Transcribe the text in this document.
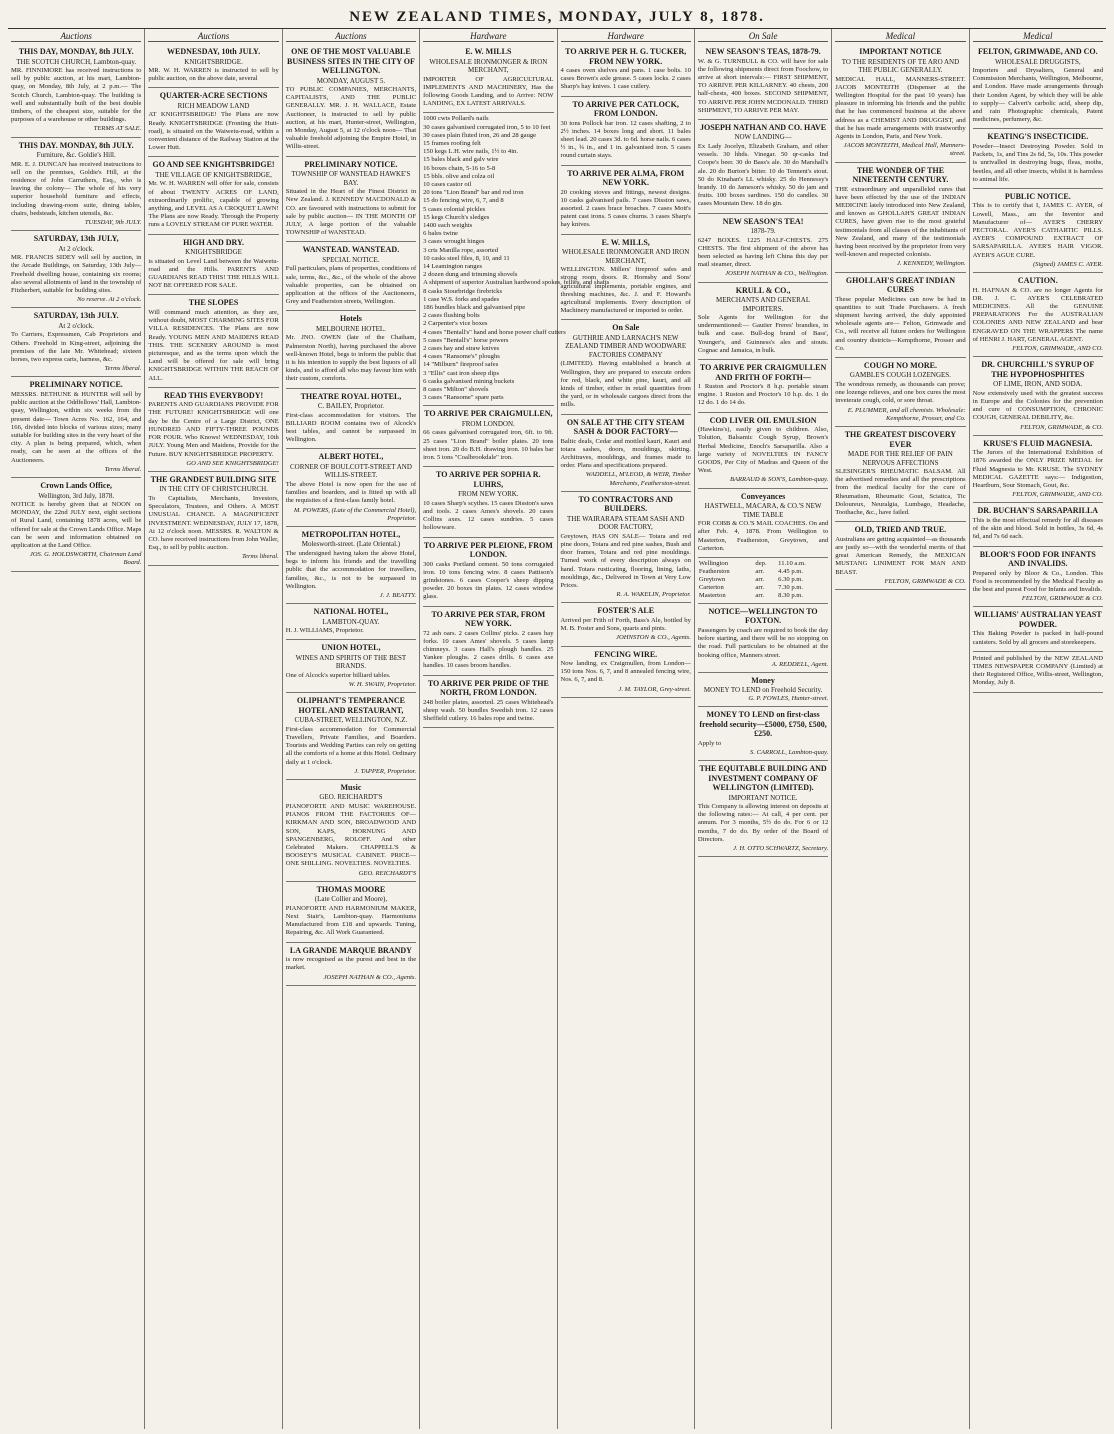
NEW ZEALAND TIMES, MONDAY, JULY 8, 1878.
Auctions
THIS DAY, MONDAY, 8th JULY.
THE SCOTCH CHURCH, Lambton-quay.
MR. FINNIMORE has received instructions to sell by public auction, at his mart, Lambton-quay, on Monday, 8th July, at 2 p.m.— The Scotch Church, Lambton-quay. The building is well and substantially built of the best double timbers, of the cheapest size, suitable for the purposes of a warehouse or other buildings.
TERMS AT SALE.
THIS DAY. MONDAY, 8th JULY.
Furniture, &c. Goldie's Hill.
MR. E. J. DUNCAN has received instructions to sell on the premises, Goldie's Hill, at the residence of John Carruthers, Esq., who is leaving the colony— The whole of his very superior household furniture and effects, including drawing-room suite, dining tables, chairs, bedsteads, kitchen utensils, &c.
TUESDAY, 9th JULY.
SATURDAY, 13th JULY,
At 2 o'clock.
MR. FRANCIS SIDEY will sell by auction, in the Arcade Buildings, on Saturday, 13th July— Freehold dwelling house, containing six rooms; also several allotments of land in the township of Fitzherbert, suitable for building sites.
No reserve. At 2 o'clock.
SATURDAY, 13th JULY.
At 2 o'clock.
To Carriers, Expressmen, Cab Proprietors and Others. Freehold in King-street, adjoining the premises of the late Mr. Whitehead; sixteen horses, two express carts, harness, &c.
Terms liberal.
PRELIMINARY NOTICE.
MESSRS. BETHUNE & HUNTER will sell by public auction at the Oddfellows' Hall, Lambton-quay, Wellington, within six weeks from the present date— Town Acres No. 162, 164, and 166, divided into blocks of various sizes; many suitable for building sites in the very heart of the city. A plan is being prepared, which, when ready, can be seen at the offices of the Auctioneers.
Terms liberal.
Crown Lands Office,
Wellington, 3rd July, 1878.
NOTICE is hereby given that at NOON on MONDAY, the 22nd JULY next, eight sections of Rural Land, containing 1878 acres, will be offered for sale at the Crown Lands Office. Maps can be seen and information obtained on application at the Land Office.
JOS. G. HOLDSWORTH, Chairman Land Board.
Auctions
WEDNESDAY, 10th JULY.
KNIGHTSBRIDGE.
MR. W. H. WARREN is instructed to sell by public auction, on the above date, several
QUARTER-ACRE SECTIONS
RICH MEADOW LAND
AT KNIGHTSBRIDGE! The Plans are now Ready. KNIGHTSBRIDGE (Fronting the Hutt-road), is situated on the Waiwetu-road, within a convenient distance of the Railway Station at the Lower Hutt.
GO AND SEE KNIGHTSBRIDGE!
THE VILLAGE OF KNIGHTSBRIDGE,
Mr. W. H. WARREN will offer for sale, consists of about TWENTY ACRES OF LAND, extraordinarily prolific, capable of growing anything, and LEVEL AS A CROQUET LAWN! The Plans are now Ready. Through the Property runs a LOVELY STREAM OF PURE WATER.
HIGH AND DRY.
KNIGHTSBRIDGE
is situated on Level Land between the Waiwetu-road and the Hills. PARENTS AND GUARDIANS READ THIS! THE HILLS WILL NOT BE OFFERED FOR SALE.
THE SLOPES
Will command much attention, as they are, without doubt, MOST CHARMING SITES FOR VILLA RESIDENCES. The Plans are now Ready. YOUNG MEN AND MAIDENS READ THIS. THE SCENERY AROUND is most picturesque, and as the terms upon which the Land will be offered for sale will bring KNIGHTSBRIDGE WITHIN THE REACH OF ALL.
READ THIS EVERYBODY!
PARENTS AND GUARDIANS PROVIDE FOR THE FUTURE! KNIGHTSBRIDGE will one day be the Centre of a Large District, ONE HUNDRED AND FIFTY-THREE POUNDS FOR FOUR. Who Knows! WEDNESDAY, 10th JULY. Young Men and Maidens, Provide for the Future. BUY KNIGHTSBRIDGE PROPERTY.
GO AND SEE KNIGHTSBRIDGE!
THE GRANDEST BUILDING SITE
IN THE CITY OF CHRISTCHURCH.
To Capitalists, Merchants, Investors, Speculators, Trustees, and Others. A MOST UNUSUAL CHANCE. A MAGNIFICENT INVESTMENT. WEDNESDAY, JULY 17, 1878, At 12 o'clock noon. MESSRS. R. WALTON & CO. have received instructions from John Waller, Esq., to sell by public auction.
Terms liberal.
Auctions
ONE OF THE MOST VALUABLE BUSINESS SITES IN THE CITY OF WELLINGTON.
MONDAY, AUGUST 5.
TO PUBLIC COMPANIES, MERCHANTS, CAPITALISTS, AND THE PUBLIC GENERALLY. MR. J. H. WALLACE, Estate Auctioneer, is instructed to sell by public auction, at his mart, Hunter-street, Wellington, on Monday, August 5, at 12 o'clock noon— That valuable freehold adjoining the Empire Hotel, in Willis-street.
PRELIMINARY NOTICE.
TOWNSHIP OF WANSTEAD HAWKE'S BAY.
Situated in the Heart of the Finest District in New Zealand. J. KENNEDY MACDONALD & CO. are favoured with instructions to submit for sale by public auction— IN THE MONTH OF JULY, A large portion of the valuable TOWNSHIP of WANSTEAD.
WANSTEAD. WANSTEAD.
SPECIAL NOTICE.
Full particulars, plans of properties, conditions of sale, terms, &c., &c., of the whole of the above valuable properties, can be obtained on application at the offices of the Auctioneers, Grey and Featherston streets, Wellington.
Hotels
MELBOURNE HOTEL.
Mr. JNO. OWEN (late of the Chatham, Palmerston North), having purchased the above well-known Hotel, begs to inform the public that it is his intention to supply the best liquors of all kinds, and to afford all who may favour him with their custom, comforts.
THEATRE ROYAL HOTEL,
C. BAILEY, Proprietor.
First-class accommodation for visitors. The BILLIARD ROOM contains two of Alcock's best tables, and cannot be surpassed in Wellington.
ALBERT HOTEL,
CORNER OF BOULCOTT-STREET AND WILLIS-STREET.
The above Hotel is now open for the use of families and boarders, and is fitted up with all the requisites of a first-class family hotel.
M. POWERS, (Late of the Commercial Hotel), Proprietor.
METROPOLITAN HOTEL,
Molesworth-street. (Late Oriental.)
The undersigned having taken the above Hotel, begs to inform his friends and the travelling public that the accommodation for travellers, families, &c., is not to be surpassed in Wellington.
J. J. BEATTY.
NATIONAL HOTEL,
LAMBTON-QUAY.
H. J. WILLIAMS, Proprietor.
UNION HOTEL,
WINES AND SPIRITS OF THE BEST BRANDS.
One of Alcock's superior billiard tables.
W. H. SWAIN, Proprietor.
OLIPHANT'S TEMPERANCE HOTEL AND RESTAURANT,
CUBA-STREET, WELLINGTON, N.Z.
First-class accommodation for Commercial Travellers, Private Families, and Boarders. Tourists and Wedding Parties can rely on getting all the comforts of a home at this Hotel. Ordinary daily at 1 o'clock.
J. TAPPER, Proprietor.
Music
GEO. REICHARDT'S
PIANOFORTE AND MUSIC WAREHOUSE. PIANOS FROM THE FACTORIES OF— KIRKMAN AND SON, BROADWOOD AND SON, KAPS, HORNUNG AND SPANGENBERG, ROLOFF. And other Celebrated Makers. CHAPPELL'S & BOOSEY'S MUSICAL CABINET. PRICE—ONE SHILLING. NOVELTIES. NOVELTIES.
GEO. REICHARDT'S
THOMAS MOORE
(Late Collier and Moore),
PIANOFORTE AND HARMONIUM MAKER, Next Stair's, Lambton-quay. Harmoniums Manufactured from £18 and upwards. Tuning, Repairing, &c. All Work Guaranteed.
LA GRANDE MARQUE BRANDY
is now recognised as the purest and best in the market.
JOSEPH NATHAN & CO., Agents.
Hardware
E. W. MILLS
WHOLESALE IRONMONGER & IRON MERCHANT,
IMPORTER OF AGRICULTURAL IMPLEMENTS AND MACHINERY, Has the following Goods Landing, and to Arrive: NOW LANDING, EX LATEST ARRIVALS.
1000 cwts Pollard's nails
30 cases galvanised corrugated iron, 5 to 10 feet
30 cases plain fluted iron, 26 and 28 gauge
15 frames roofing felt
150 kegs L.H. wire nails, 1½ to 4in.
15 bales black and galv wire
16 boxes chain, 5-16 to 5-8
15 bbls. olive and colza oil
10 cases castor oil
20 tons "Lion Brand" bar and rod iron
15 do fencing wire, 6, 7, and 8
5 cases colonial pickles
15 kegs Church's sledges
1400 each weights
6 bales twine
3 cases wrought hinges
3 crts Manilla rope, assorted
10 casks steel files, 8, 10, and 11
14 Leamington ranges
2 dozen dung and trimming shovels
A shipment of superior Australian hardwood spokes, fellies, and shafts
8 casks Stourbridge firebricks
1 case W.S. forks and spades
186 bundles black and galvanised pipe
2 cases flushing bolts
2 Carpenter's vice boxes
4 cases "Bentall's" hand and horse power chaff cutters
5 cases "Bentall's" horse powers
2 cases hay and straw knives
4 cases "Ransome's" ploughs
14 "Milburn" fireproof safes
3 "Ellis" cast iron sheep dips
6 casks galvanised mining buckets
8 cases "Milton" shovels
3 cases "Ransome" spare parts
TO ARRIVE PER CRAIGMULLEN,
FROM LONDON.
66 cases galvanised corrugated iron, 6ft. to 9ft. 25 cases "Lion Brand" boiler plates. 20 tons sheet iron. 20 do B.H. drawing iron. 10 bales bar iron. 5 tons "Coalbrookdale" iron.
TO ARRIVE PER SOPHIA R. LUHRS,
FROM NEW YORK.
10 cases Sharp's scythes. 15 cases Disston's saws and tools. 2 cases Ames's shovels. 20 cases Collins axes. 12 cases sundries. 5 cases hollowware.
TO ARRIVE PER PLEIONE, FROM LONDON.
300 casks Portland cement. 50 tons corrugated iron. 10 tons fencing wire. 8 cases Pattison's grindstones. 6 cases Cooper's sheep dipping powder. 20 boxes tin plates. 12 cases window glass.
TO ARRIVE PER STAR, FROM NEW YORK.
72 ash oars. 2 cases Collins' picks. 2 cases hay forks. 10 cases Ames' shovels. 5 cases lamp chimneys. 3 cases Hall's plough handles. 25 Yankee ploughs. 2 cases drills. 6 cases axe handles. 10 cases broom handles.
TO ARRIVE PER PRIDE OF THE NORTH, FROM LONDON.
248 boiler plates, assorted. 25 cases Whitehead's sheep wash. 50 bundles Swedish iron. 12 cases Sheffield cutlery. 16 bales rope and twine.
Hardware
TO ARRIVE PER H. G. TUCKER, FROM NEW YORK.
4 cases oven shelves and pans. 1 case bolts. 10 cases Brown's axle grease. 5 cases locks. 2 cases Sharp's hay knives. 1 case cutlery.
TO ARRIVE PER CATLOCK, FROM LONDON.
30 tons Pollock bar iron. 12 cases shafting, 2 to 2½ inches. 14 boxes long and short. 11 bales sheet lead. 20 cases 3d. to 6d. horse nails. 6 cases ½ in., ¾ in., and 1 in. galvanised iron. 5 cases round curtain stays.
TO ARRIVE PER ALMA, FROM NEW YORK.
20 cooking stoves and fittings, newest designs. 10 casks galvanised pails. 7 cases Disston saws, assorted. 2 cases brace broaches. 7 cases Mott's patent cast irons. 5 cases churns. 3 cases Sharp's hay knives.
E. W. MILLS,
WHOLESALE IRONMONGER AND IRON MERCHANT,
WELLINGTON. Millers' fireproof safes and strong room doors. R. Hornsby and Sons' agricultural implements, portable engines, and threshing machines, &c. J. and F. Howard's agricultural implements. Every description of Machinery manufactured or imported to order.
On Sale
GUTHRIE AND LARNACH'S NEW ZEALAND TIMBER AND WOODWARE FACTORIES COMPANY
(LIMITED). Having established a branch at Wellington, they are prepared to execute orders for red, black, and white pine, kauri, and all kinds of timber, either in retail quantities from the yard, or in wholesale cargoes direct from the mills.
ON SALE AT THE CITY STEAM SASH & DOOR FACTORY—
Baltic deals, Cedar and mottled kauri, Kauri and totara sashes, doors, mouldings, skirting. Architraves, mouldings, and frames made to order. Plans and specifications prepared.
WADDELL, M'LEOD, & WEIR, Timber Merchants, Featherston-street.
TO CONTRACTORS AND BUILDERS.
THE WAIRARAPA STEAM SASH AND DOOR FACTORY,
Greytown, HAS ON SALE— Totara and red pine doors, Totara and red pine sashes, Bush and door frames, Totara and red pine mouldings. Turned work of every description always on hand. Totara rusticating, flooring, lining, laths, mouldings, &c., Delivered in Town at Very Low Prices.
R. A. WAKELIN, Proprietor.
FOSTER'S ALE
Arrived per Frith of Forth, Bass's Ale, bottled by M. B. Foster and Sons, quarts and pints.
JOHNSTON & CO., Agents.
FENCING WIRE.
Now landing, ex Craigmullen, from London— 150 tons Nos. 6, 7, and 8 annealed fencing wire, Nos. 6, 7, and 8.
J. M. TAYLOR, Grey-street.
On Sale
NEW SEASON'S TEAS, 1878-79.
W. & G. TURNBULL & CO. will have for sale the following shipments direct from Foochow, to arrive at short intervals:— FIRST SHIPMENT, TO ARRIVE PER KILLARNEY. 40 chests, 200 half-chests, 400 boxes. SECOND SHIPMENT, TO ARRIVE PER JOHN MCDONALD. THIRD SHIPMENT, TO ARRIVE PER MAY.
JOSEPH NATHAN AND CO. HAVE
NOW LANDING—
Ex Lady Jocelyn, Elizabeth Graham, and other vessels. 30 hhds. Vinegar. 50 qr-casks Ind Coope's beer. 30 do Bass's ale. 30 do Marshall's ale. 20 do Burton's bitter. 10 do Tennent's stout. 50 do Kinahan's LL whisky. 25 do Hennessy's brandy. 10 do Jameson's whisky. 50 do jam and fruits. 100 boxes sardines. 150 do candles. 30 cases Mountain Dew. 18 do gin.
NEW SEASON'S TEA!
1878-79.
6247 BOXES. 1225 HALF-CHESTS. 275 CHESTS. The first shipment of the above has been selected as having left China this day per mail steamer, direct.
JOSEPH NATHAN & CO., Wellington.
KRULL & CO.,
MERCHANTS AND GENERAL IMPORTERS.
Sole Agents for Wellington for the undermentioned:— Gautier Freres' brandies, in bulk and case. Bull-dog brand of Bass', Younger's, and Guinness's ales and stouts. Cognac and Jamaica, in bulk.
TO ARRIVE PER CRAIGMULLEN AND FRITH OF FORTH—
1 Ruston and Proctor's 8 h.p. portable steam engine. 1 Ruston and Proctor's 10 h.p. do. 1 do 12 do. 1 do 14 do.
COD LIVER OIL EMULSION
(Hawkins's), easily given to children. Also, Tolution, Balsamic Cough Syrup, Brown's Herbal Medicine, Enoch's Sarsaparilla. Also a large variety of NOVELTIES IN FANCY GOODS, Per City of Madras and Queen of the West.
BARRAUD & SON'S, Lambton-quay.
Conveyances
HASTWELL, MACARA, & CO.'S NEW TIME TABLE
FOR COBB & CO.'S MAIL COACHES. On and after Feb. 4, 1878. From Wellington to Masterton, Featherston, Greytown, and Carterton.
Wellington	dep.	11.10 a.m.
Featherston	arr.	4.45 p.m.
Greytown	arr.	6.30 p.m.
Carterton	arr.	7.30 p.m.
Masterton	arr.	8.30 p.m.
NOTICE—WELLINGTON TO FOXTON.
Passengers by coach are required to book the day before starting, and there will be no stopping on the road. Full particulars to be obtained at the booking office, Manners street.
A. REDDELL, Agent.
Money
MONEY TO LEND on Freehold Security.
G. P. FOWLES, Hunter-street.
MONEY TO LEND on first-class freehold security—£5000, £750, £500, £250.
Apply to
S. CARROLL, Lambton-quay.
THE EQUITABLE BUILDING AND INVESTMENT COMPANY OF WELLINGTON (LIMITED).
IMPORTANT NOTICE.
This Company is allowing interest on deposits at the following rates:— At call, 4 per cent. per annum. For 3 months, 5½ do do. For 6 or 12 months, 7 do do. By order of the Board of Directors.
J. H. OTTO SCHWARTZ, Secretary.
Medical
IMPORTANT NOTICE
TO THE RESIDENTS OF TE ARO AND THE PUBLIC GENERALLY.
MEDICAL HALL, MANNERS-STREET. JACOB MONTEITH (Dispenser at the Wellington Hospital for the past 10 years) has pleasure in informing his friends and the public that he has commenced business at the above address as a CHEMIST AND DRUGGIST, and that he has made arrangements with trustworthy Agents in London, Paris, and New York.
JACOB MONTEITH, Medical Hall, Manners-street.
THE WONDER OF THE NINETEENTH CENTURY.
THE extraordinary and unparalleled cures that have been effected by the use of the INDIAN MEDICINE lately introduced into New Zealand, and known as GHOLLAH'S GREAT INDIAN CURES, have given rise to the most grateful testimonials from all classes of the inhabitants of New Zealand, and many of the testimonials having been received by the proprietor from very well-known and respected colonists.
J. KENNEDY, Wellington.
GHOLLAH'S GREAT INDIAN CURES
These popular Medicines can now be had in quantities to suit Trade Purchasers. A fresh shipment having arrived, the duly appointed wholesale agents are— Felton, Grimwade and Co., will receive all future orders for Wellington and country districts—Kempthorne, Prosser and Co.
COUGH NO MORE.
GAMBLE'S COUGH LOZENGES.
The wondrous remedy, as thousands can prove; one lozenge relieves, and one box cures the most inveterate cough, cold, or sore throat.
E. PLUMMER, and all chemists. Wholesale: Kempthorne, Prosser, and Co.
THE GREATEST DISCOVERY EVER
MADE FOR THE RELIEF OF PAIN NERVOUS AFFECTIONS
SLESINGER'S RHEUMATIC BALSAM. All the advertised remedies and all the prescriptions from the medical faculty for the cure of Rheumatism, Rheumatic Gout, Sciatica, Tic Doloureux, Neuralgia, Lumbago, Headache, Toothache, &c., have failed.
OLD, TRIED AND TRUE.
Australians are getting acquainted—as thousands are justly so—with the wonderful merits of that great American Remedy, the MEXICAN MUSTANG LINIMENT FOR MAN AND BEAST.
FELTON, GRIMWADE & CO.
Medical
FELTON, GRIMWADE, AND CO.
WHOLESALE DRUGGISTS,
Importers and Drysalters, General and Commission Merchants, Wellington, Melbourne, and London. Have made arrangements through their London Agent, by which they will be able to supply— Calvert's carbolic acid, sheep dip, and rain Photographic chemicals, Patent medicines, perfumery, &c.
KEATING'S INSECTICIDE.
Powder—Insect Destroying Powder. Sold in Packets, 1s, and Tins 2s 6d, 5s, 10s. This powder is unrivalled in destroying bugs, fleas, moths, beetles, and all other insects, whilst it is harmless to animal life.
PUBLIC NOTICE.
This is to certify that I, JAMES C. AYER, of Lowell, Mass., am the Inventor and Manufacturer of— AYER'S CHERRY PECTORAL. AYER'S CATHARTIC PILLS. AYER'S COMPOUND EXTRACT OF SARSAPARILLA. AYER'S HAIR VIGOR. AYER'S AGUE CURE.
(Signed) JAMES C. AYER.
CAUTION.
H. HAFNAN & CO. are no longer Agents for DR. J. C. AYER'S CELEBRATED MEDICINES. All the GENUINE PREPARATIONS For the AUSTRALIAN COLONIES AND NEW ZEALAND and bear ENGRAVED ON THE WRAPPERS The name of HENRI J. HART, GENERAL AGENT.
FELTON, GRIMWADE, AND CO.
DR. CHURCHILL'S SYRUP OF THE HYPOPHOSPHITES
OF LIME, IRON, AND SODA.
Now extensively used with the greatest success in Europe and the Colonies for the prevention and cure of CONSUMPTION, CHRONIC COUGH, GENERAL DEBILITY, &c.
FELTON, GRIMWADE, & CO.
KRUSE'S FLUID MAGNESIA.
The Jurors of the International Exhibition of 1876 awarded the ONLY PRIZE MEDAL for Fluid Magnesia to Mr. KRUSE. The SYDNEY MEDICAL GAZETTE says:— Indigestion, Heartburn, Sour Stomach, Gout, &c.
FELTON, GRIMWADE, AND CO.
DR. BUCHAN'S SARSAPARILLA
This is the most effectual remedy for all diseases of the skin and blood. Sold in bottles, 3s 6d, 4s 6d, and 7s 6d each.
BLOOR'S FOOD FOR INFANTS AND INVALIDS.
Prepared only by Bloor & Co., London. This Food is recommended by the Medical Faculty as the best and purest Food for Infants and Invalids.
FELTON, GRIMWADE & CO.
WILLIAMS' AUSTRALIAN YEAST POWDER.
This Baking Powder is packed in half-pound canisters. Sold by all grocers and storekeepers.
Printed and published by the NEW ZEALAND TIMES NEWSPAPER COMPANY (Limited) at their Registered Office, Willis-street, Wellington, Monday, July 8.
